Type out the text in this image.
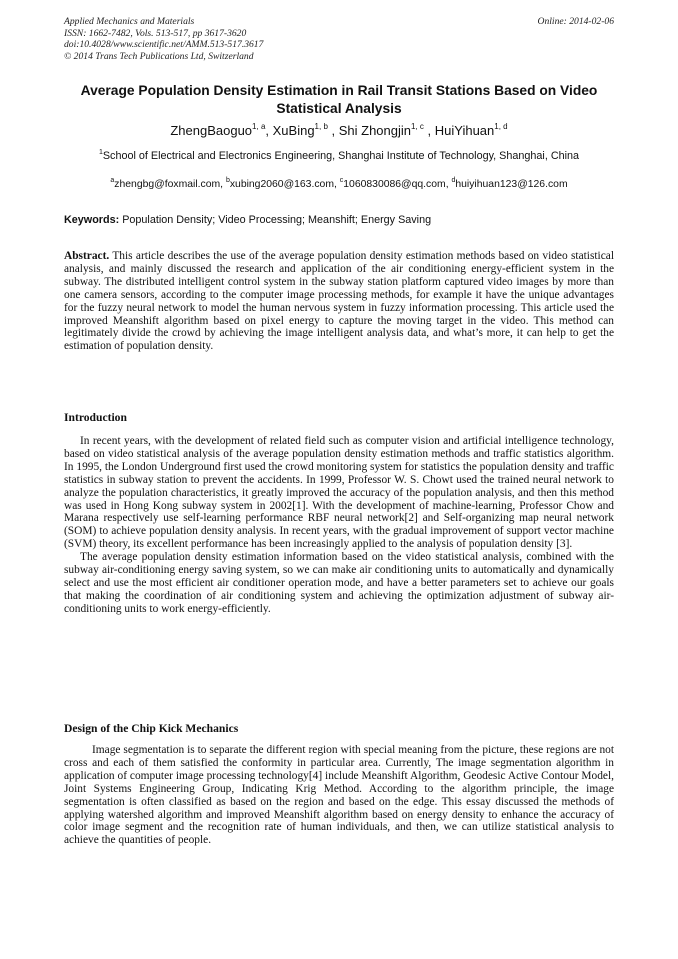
Applied Mechanics and Materials
ISSN: 1662-7482, Vols. 513-517, pp 3617-3620
doi:10.4028/www.scientific.net/AMM.513-517.3617
© 2014 Trans Tech Publications Ltd, Switzerland
Online: 2014-02-06
Average Population Density Estimation in Rail Transit Stations Based on Video Statistical Analysis
ZhengBaoguo$^{1, a}$, XuBing$^{1, b}$ , Shi Zhongjin$^{1, c}$ , HuiYihuan$^{1, d}$
$^1$School of Electrical and Electronics Engineering, Shanghai Institute of Technology, Shanghai, China
$^a$zhengbg@foxmail.com, $^b$xubing2060@163.com, $^c$1060830086@qq.com, $^d$huiyihuan123@126.com
Keywords: Population Density; Video Processing; Meanshift; Energy Saving
Abstract. This article describes the use of the average population density estimation methods based on video statistical analysis, and mainly discussed the research and application of the air conditioning energy-efficient system in the subway. The distributed intelligent control system in the subway station platform captured video images by more than one camera sensors, according to the computer image processing methods, for example it have the unique advantages for the fuzzy neural network to model the human nervous system in fuzzy information processing. This article used the improved Meanshift algorithm based on pixel energy to capture the moving target in the video. This method can legitimately divide the crowd by achieving the image intelligent analysis data, and what’s more, it can help to get the estimation of population density.
Introduction

In recent years, with the development of related field such as computer vision and artificial intelligence technology, based on video statistical analysis of the average population density estimation methods and traffic statistics algorithm. In 1995, the London Underground first used the crowd monitoring system for statistics the population density and traffic statistics in subway station to prevent the accidents. In 1999, Professor W. S. Chowt used the trained neural network to analyze the population characteristics, it greatly improved the accuracy of the population analysis, and then this method was used in Hong Kong subway system in 2002[1]. With the development of machine-learning, Professor Chow and Marana respectively use self-learning performance RBF neural network[2] and Self-organizing map neural network (SOM) to achieve population density analysis. In recent years, with the gradual improvement of support vector machine (SVM) theory, its excellent performance has been increasingly applied to the analysis of population density [3].

The average population density estimation information based on the video statistical analysis, combined with the subway air-conditioning energy saving system, so we can make air conditioning units to automatically and dynamically select and use the most efficient air conditioner operation mode, and have a better parameters set to achieve our goals that making the coordination of air conditioning system and achieving the optimization adjustment of subway air-conditioning units to work energy-efficiently.

Design of the Chip Kick Mechanics

Image segmentation is to separate the different region with special meaning from the picture, these regions are not cross and each of them satisfied the conformity in particular area. Currently, The image segmentation algorithm in application of computer image processing technology[4] include Meanshift Algorithm, Geodesic Active Contour Model, Joint Systems Engineering Group, Indicating Krig Method. According to the algorithm principle, the image segmentation is often classified as based on the region and based on the edge. This essay discussed the methods of applying watershed algorithm and improved Meanshift algorithm based on energy density to enhance the accuracy of color image segment and the recognition rate of human individuals, and then, we can utilize statistical analysis to achieve the quantities of people.
